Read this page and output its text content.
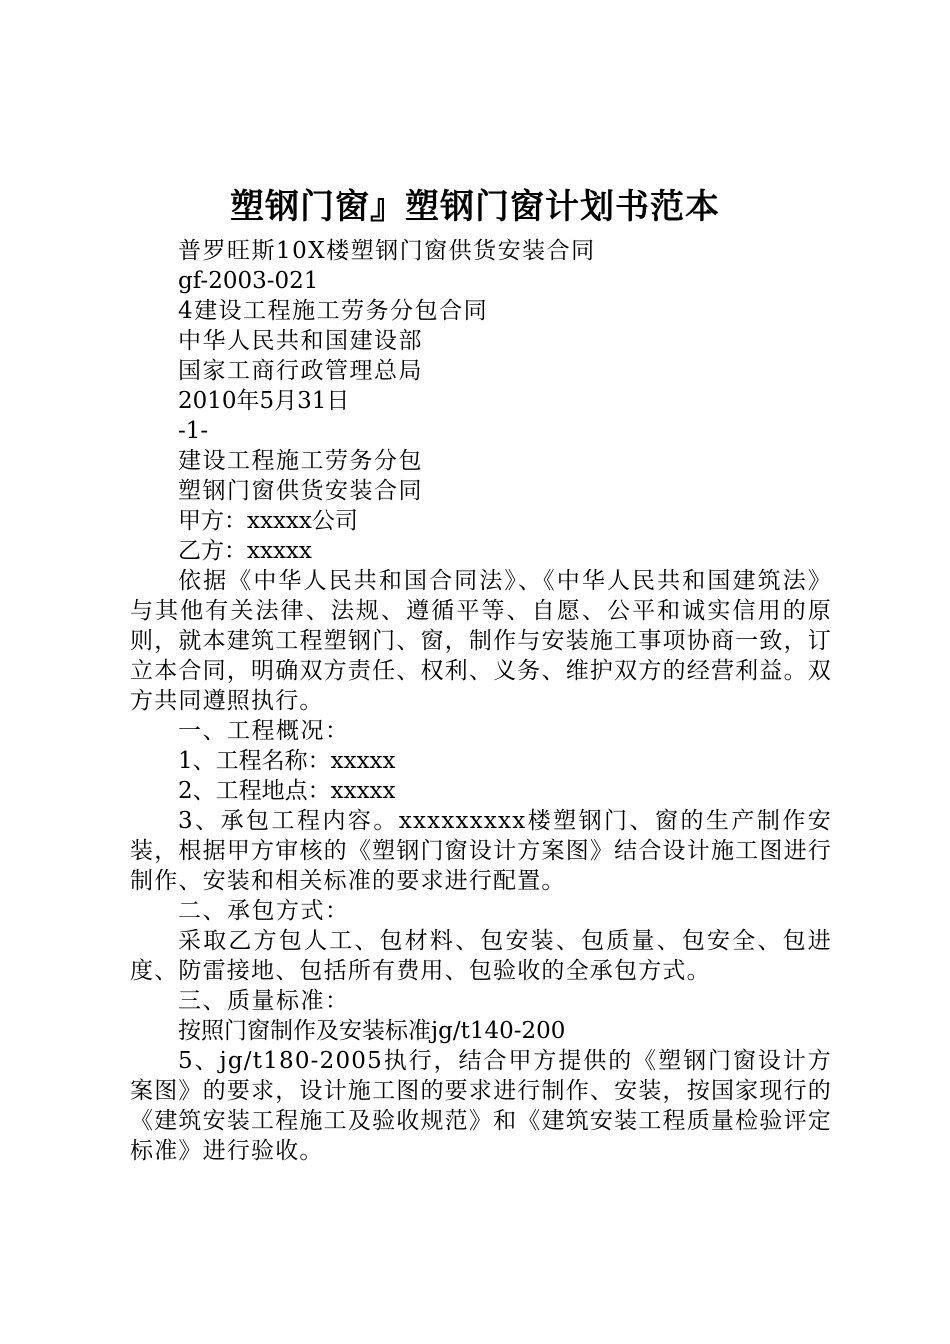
塑钢门窗』塑钢门窗计划书范本

普罗旺斯10X楼塑钢门窗供货安装合同

gf-2003-021

4建设工程施工劳务分包合同

中华人民共和国建设部

国家工商行政管理总局

2010年5月31日

-1-

建设工程施工劳务分包

塑钢门窗供货安装合同

甲方：xxxxx公司

乙方：xxxxx

依据《中华人民共和国合同法》、《中华人民共和国建筑法》与其他有关法律、法规、遵循平等、自愿、公平和诚实信用的原则，就本建筑工程塑钢门、窗，制作与安装施工事项协商一致，订立本合同，明确双方责任、权利、义务、维护双方的经营利益。双方共同遵照执行。

一、工程概况：

1、工程名称：xxxxx

2、工程地点：xxxxx

3、承包工程内容。xxxxxxxxx楼塑钢门、窗的生产制作安装，根据甲方审核的《塑钢门窗设计方案图》结合设计施工图进行制作、安装和相关标准的要求进行配置。

二、承包方式：

采取乙方包人工、包材料、包安装、包质量、包安全、包进度、防雷接地、包括所有费用、包验收的全承包方式。

三、质量标准：

按照门窗制作及安装标准jg/t140-200

5、jg/t180-2005执行，结合甲方提供的《塑钢门窗设计方案图》的要求，设计施工图的要求进行制作、安装，按国家现行的《建筑安装工程施工及验收规范》和《建筑安装工程质量检验评定标准》进行验收。
